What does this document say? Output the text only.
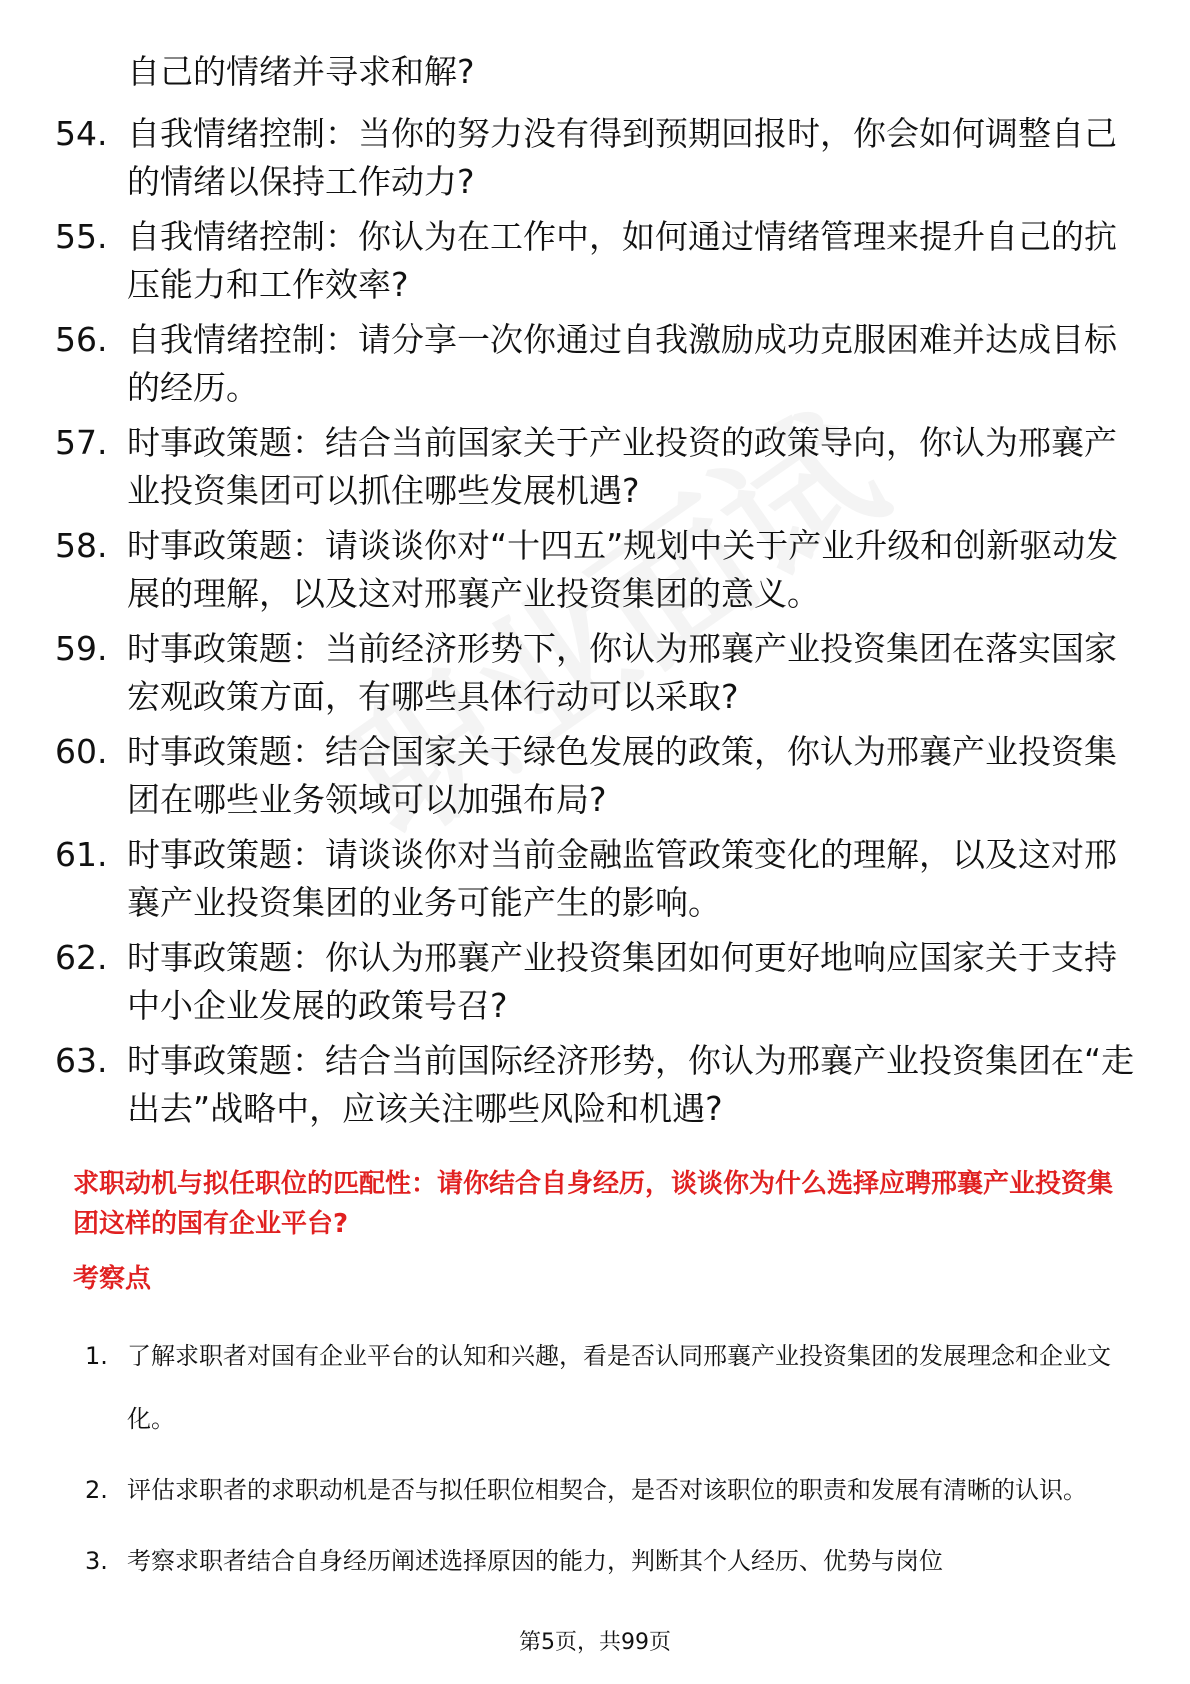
自己的情绪并寻求和解?

54. 自我情绪控制：当你的努力没有得到预期回报时，你会如何调整自己的情绪以保持工作动力?
55. 自我情绪控制：你认为在工作中，如何通过情绪管理来提升自己的抗压能力和工作效率?
56. 自我情绪控制：请分享一次你通过自我激励成功克服困难并达成目标的经历。
57. 时事政策题：结合当前国家关于产业投资的政策导向，你认为邢襄产业投资集团可以抓住哪些发展机遇?
58. 时事政策题：请谈谈你对“十四五”规划中关于产业升级和创新驱动发展的理解，以及这对邢襄产业投资集团的意义。
59. 时事政策题：当前经济形势下，你认为邢襄产业投资集团在落实国家宏观政策方面，有哪些具体行动可以采取?
60. 时事政策题：结合国家关于绿色发展的政策，你认为邢襄产业投资集团在哪些业务领域可以加强布局?
61. 时事政策题：请谈谈你对当前金融监管政策变化的理解，以及这对邢襄产业投资集团的业务可能产生的影响。
62. 时事政策题：你认为邢襄产业投资集团如何更好地响应国家关于支持中小企业发展的政策号召?
63. 时事政策题：结合当前国际经济形势，你认为邢襄产业投资集团在“走出去”战略中，应该关注哪些风险和机遇?
求职动机与拟任职位的匹配性：请你结合自身经历，谈谈你为什么选择应聘邢襄产业投资集团这样的国有企业平台?
考察点
1. 了解求职者对国有企业平台的认知和兴趣，看是否认同邢襄产业投资集团的发展理念和企业文化。
2. 评估求职者的求职动机是否与拟任职位相契合，是否对该职位的职责和发展有清晰的认识。
3. 考察求职者结合自身经历阐述选择原因的能力，判断其个人经历、优势与岗位
第5页，共99页
